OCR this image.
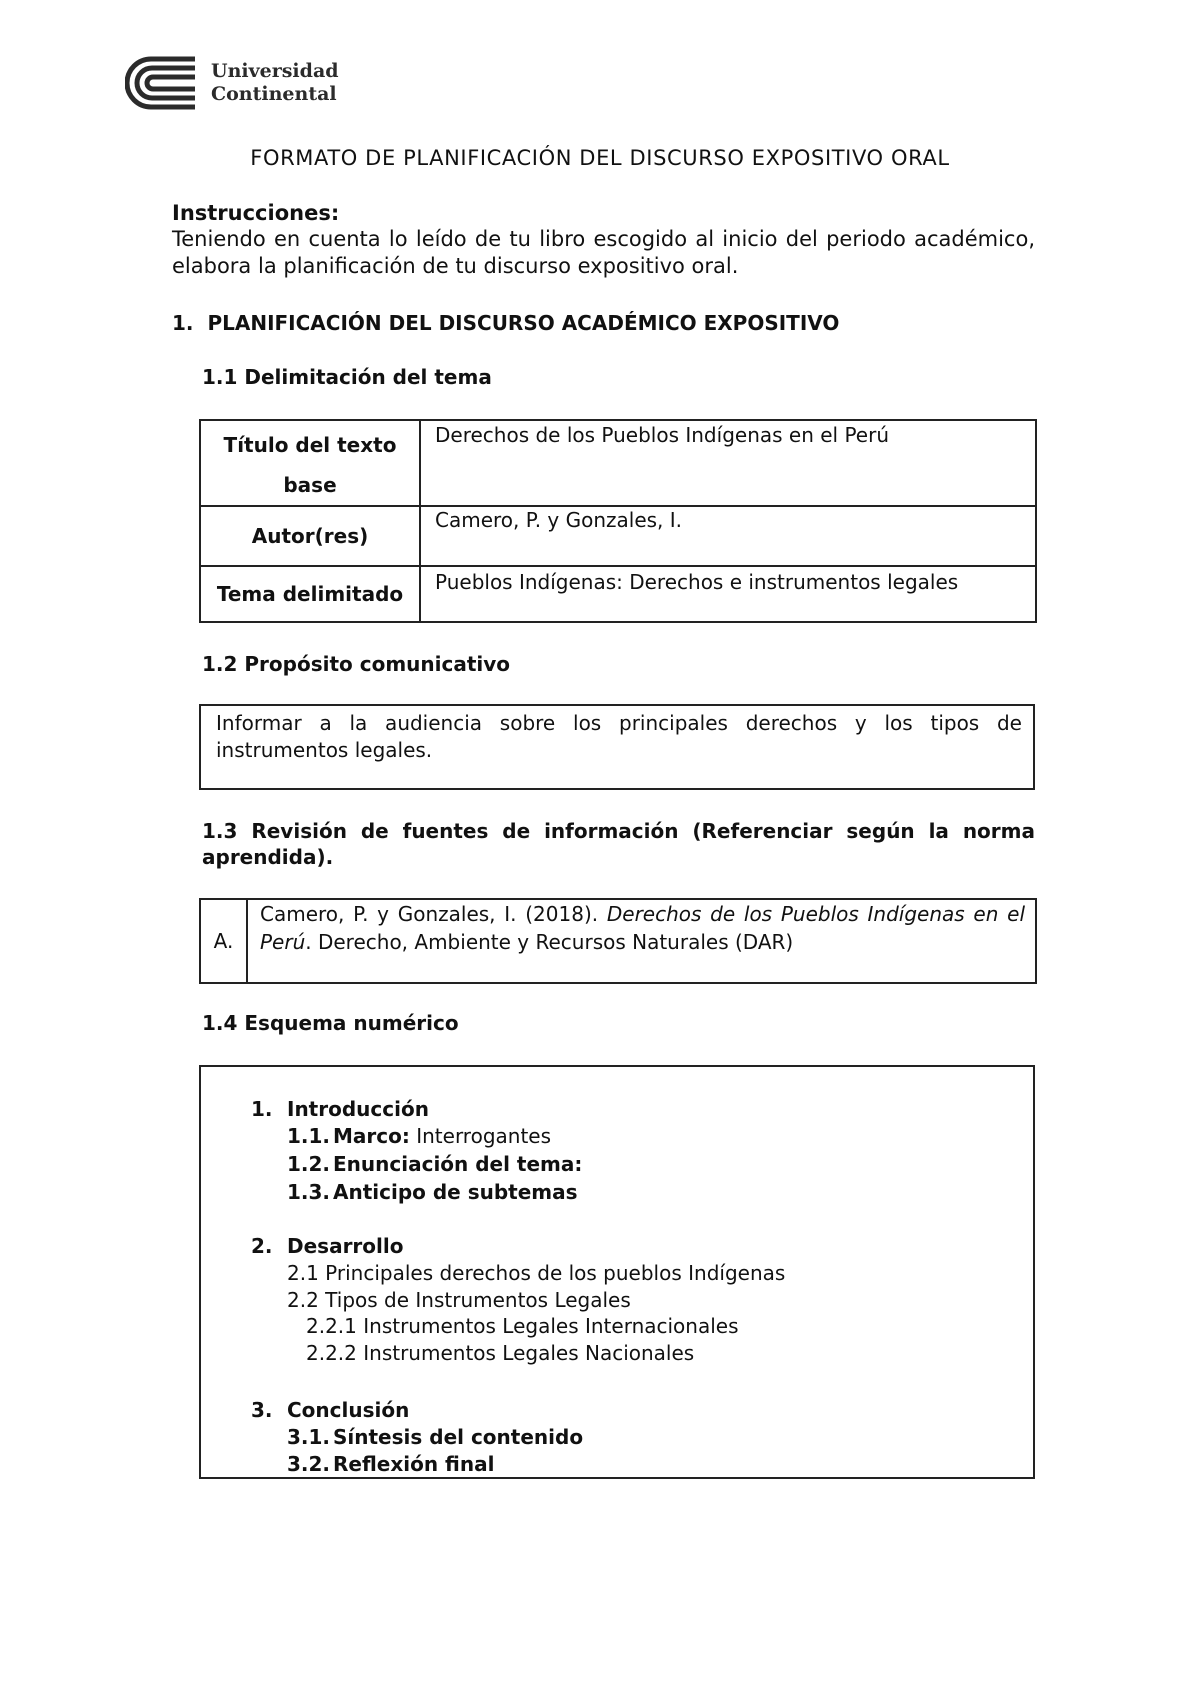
Universidad
Continental
FORMATO DE PLANIFICACIÓN DEL DISCURSO EXPOSITIVO ORAL
Instrucciones:
Teniendo en cuenta lo leído de tu libro escogido al inicio del periodo académico, elabora la planificación de tu discurso expositivo oral.
1. PLANIFICACIÓN DEL DISCURSO ACADÉMICO EXPOSITIVO
1.1 Delimitación del tema
Título del texto base	Derechos de los Pueblos Indígenas en el Perú
Autor(res)	Camero, P. y Gonzales, I.
Tema delimitado	Pueblos Indígenas: Derechos e instrumentos legales
1.2 Propósito comunicativo
Informar a la audiencia sobre los principales derechos y los tipos de instrumentos legales.
1.3 Revisión de fuentes de información (Referenciar según la norma aprendida).
A.	Camero, P. y Gonzales, I. (2018). Derechos de los Pueblos Indígenas en el Perú. Derecho, Ambiente y Recursos Naturales (DAR)
1.4 Esquema numérico
1. Introducción
1.1. Marco: Interrogantes
1.2. Enunciación del tema:
1.3. Anticipo de subtemas
2. Desarrollo
2.1 Principales derechos de los pueblos Indígenas
2.2 Tipos de Instrumentos Legales
2.2.1 Instrumentos Legales Internacionales
2.2.2 Instrumentos Legales Nacionales
3. Conclusión
3.1. Síntesis del contenido
3.2. Reflexión final
